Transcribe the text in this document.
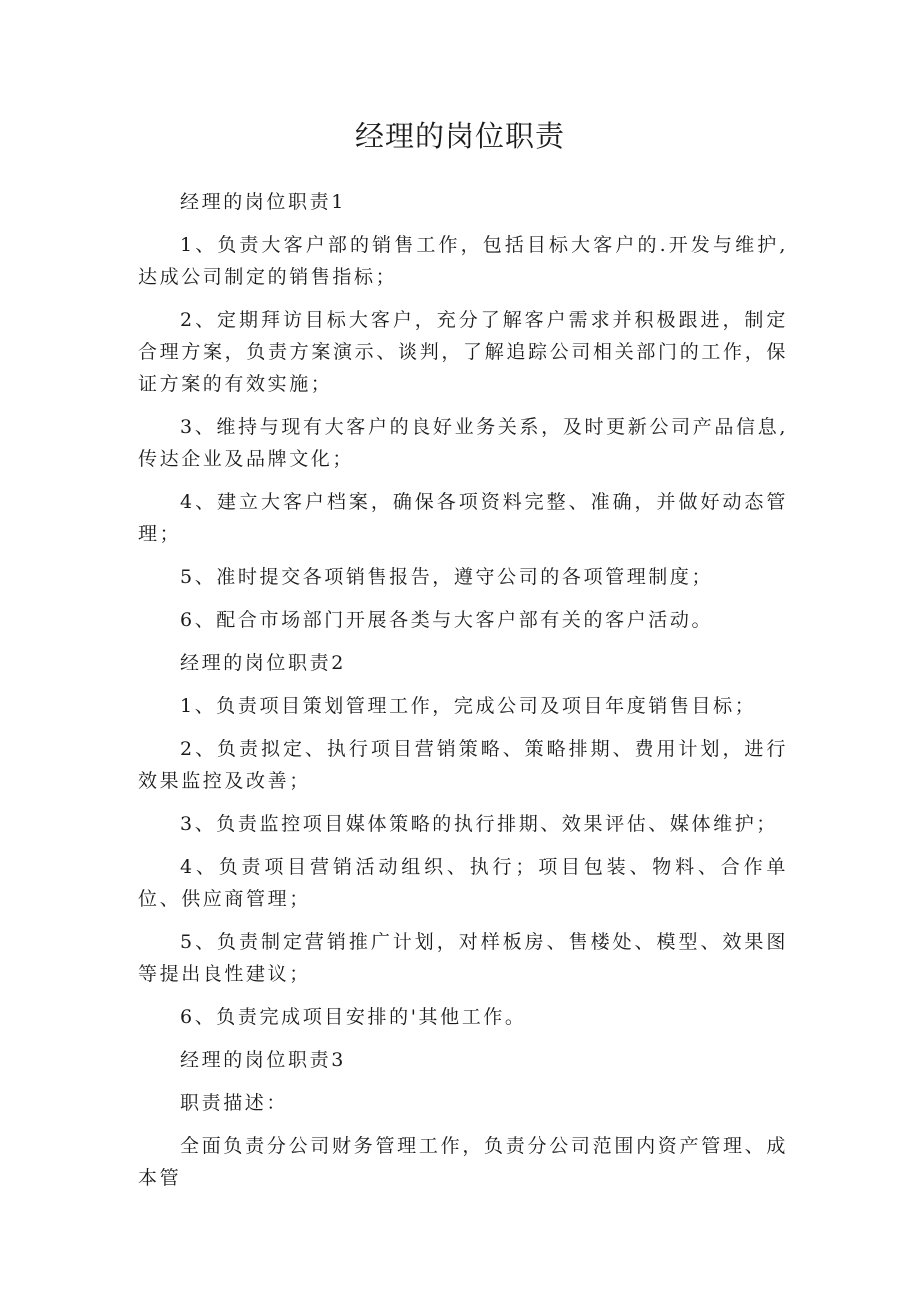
经理的岗位职责

经理的岗位职责1

1、负责大客户部的销售工作，包括目标大客户的.开发与维护,达成公司制定的销售指标；

2、定期拜访目标大客户，充分了解客户需求并积极跟进，制定合理方案，负责方案演示、谈判，了解追踪公司相关部门的工作，保证方案的有效实施；

3、维持与现有大客户的良好业务关系，及时更新公司产品信息,传达企业及品牌文化；

4、建立大客户档案，确保各项资料完整、准确，并做好动态管理；

5、准时提交各项销售报告，遵守公司的各项管理制度；

6、配合市场部门开展各类与大客户部有关的客户活动。

经理的岗位职责2

1、负责项目策划管理工作，完成公司及项目年度销售目标；

2、负责拟定、执行项目营销策略、策略排期、费用计划，进行效果监控及改善；

3、负责监控项目媒体策略的执行排期、效果评估、媒体维护；

4、负责项目营销活动组织、执行；项目包装、物料、合作单位、供应商管理；

5、负责制定营销推广计划，对样板房、售楼处、模型、效果图等提出良性建议；

6、负责完成项目安排的'其他工作。

经理的岗位职责3

职责描述：

全面负责分公司财务管理工作，负责分公司范围内资产管理、成本管
